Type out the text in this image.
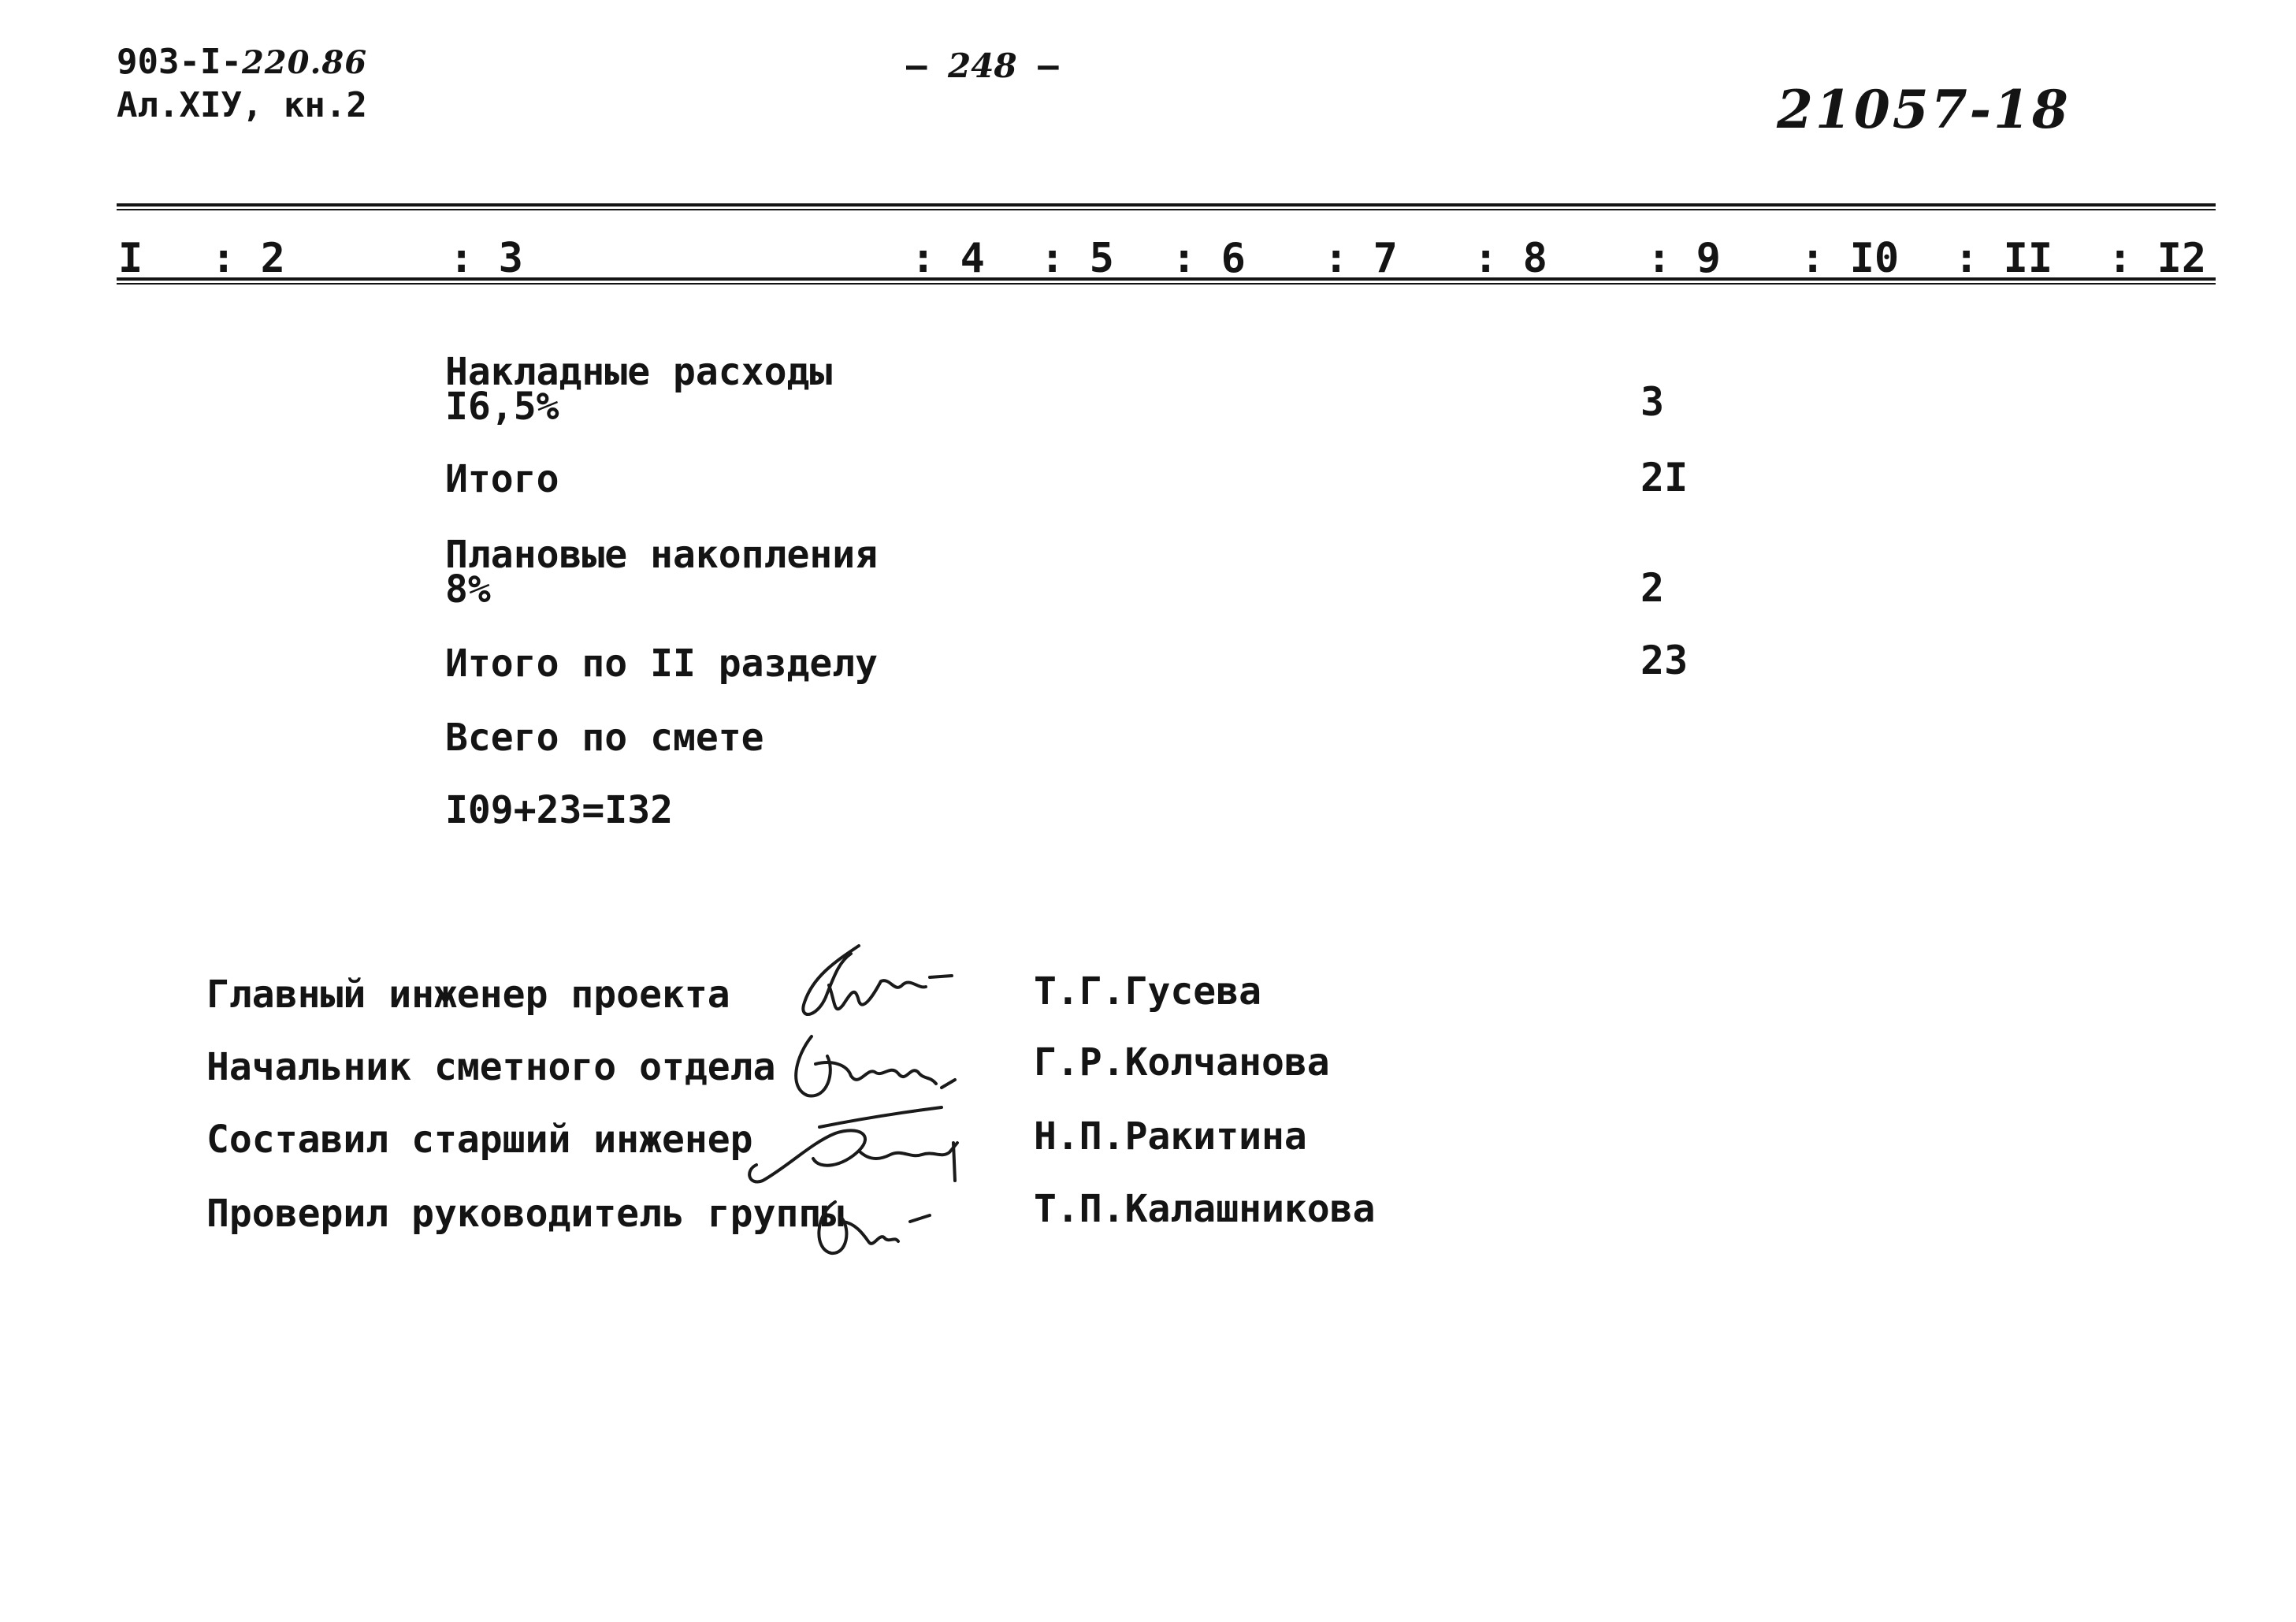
903-I-220.86
Ал.XIУ, кн.2
– 248 –
21057-18
I : 2	: 3	: 4 : 5 : 6 : 7 : 8 : 9 : I0 : II : I2
Накладные расходы
I6,5%	3
Итого	2I
Плановые накопления
8%	2
Итого по II разделу	23
Всего по смете
I09+23=I32
Главный инженер проекта	Т.Г.Гусева
Начальник сметного отдела	Г.Р.Колчанова
Составил старший инженер	Н.П.Ракитина
Проверил руководитель группы	Т.П.Калашникова
